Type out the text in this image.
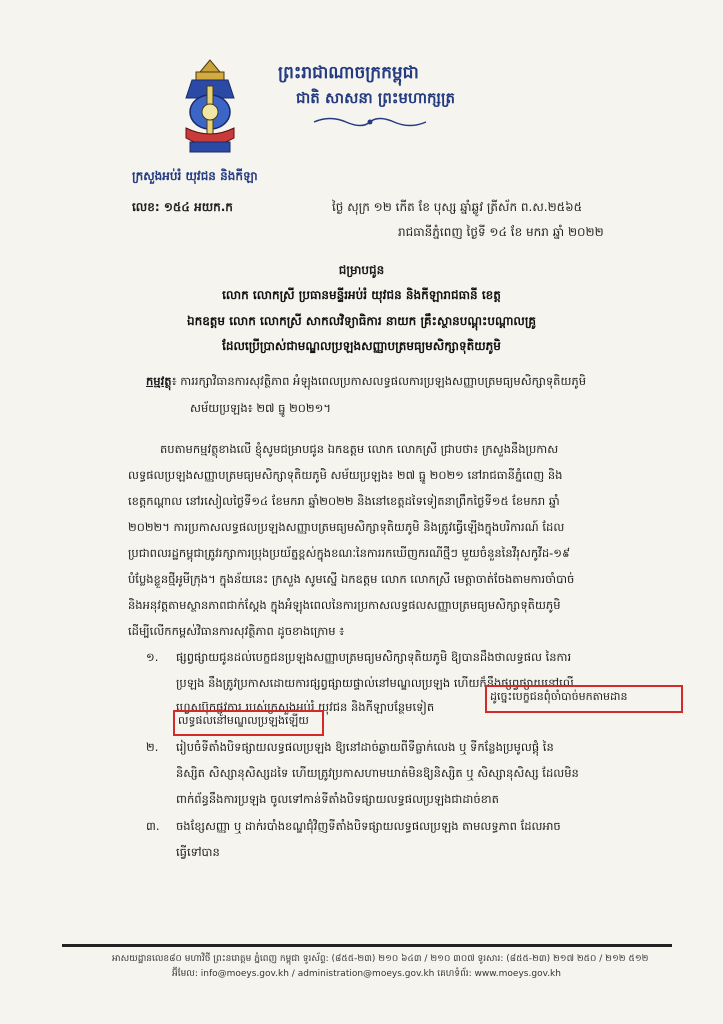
ព្រះរាជាណាចក្រកម្ពុជា
ជាតិ សាសនា ព្រះមហាក្សត្រ
ក្រសួងអប់រំ យុវជន និងកីឡា
លេខ: ១៥៤ អយក.ក	ថ្ងៃ សុក្រ ១២ កើត ខែ បុស្ស ឆ្នាំឆ្លូវ ត្រីស័ក ព.ស.២៥៦៥
រាជធានីភ្នំពេញ ថ្ងៃទី ១៤ ខែ មករា ឆ្នាំ ២០២២
ជម្រាបជូន
លោក លោកស្រី ប្រធានមន្ទីរអប់រំ យុវជន និងកីឡារាជធានី ខេត្ត
ឯកឧត្តម លោក លោកស្រី សាកលវិទ្យាធិការ នាយក គ្រឹះស្ថានបណ្តុះបណ្តាលគ្រូ
ដែលប្រើប្រាស់ជាមណ្ឌលប្រឡងសញ្ញាបត្រមធ្យមសិក្សាទុតិយភូមិ
កម្មវត្ថុ៖ ការរក្សាវិធានការសុវត្ថិភាព អំឡុងពេលប្រកាសលទ្ធផលការប្រឡងសញ្ញាបត្រមធ្យមសិក្សាទុតិយភូមិ
សម័យប្រឡង៖ ២៧ ធ្នូ ២០២១។
តបតាមកម្មវត្ថុខាងលើ ខ្ញុំសូមជម្រាបជូន ឯកឧត្តម លោក លោកស្រី ជ្រាបថា៖ ក្រសួងនឹងប្រកាស
លទ្ធផលប្រឡងសញ្ញាបត្រមធ្យមសិក្សាទុតិយភូមិ សម័យប្រឡង៖ ២៧ ធ្នូ ២០២១ នៅរាជធានីភ្នំពេញ និង
ខេត្តកណ្តាល នៅរសៀលថ្ងៃទី១៤ ខែមករា ឆ្នាំ២០២២ និងនៅខេត្តដទៃទៀតនាព្រឹកថ្ងៃទី១៥ ខែមករា ឆ្នាំ
២០២២។ ការប្រកាសលទ្ធផលប្រឡងសញ្ញាបត្រមធ្យមសិក្សាទុតិយភូមិ និងត្រូវធ្វើឡើងក្នុងបរិការណ៍ ដែល
ប្រជាពលរដ្ឋកម្ពុជាត្រូវរក្សាការប្រុងប្រយ័ត្នខ្ពស់ក្នុងខណៈនៃការរកឃើញករណីថ្មីៗ មួយចំនួននៃវីរុសកូវីដ-១៩
បំប្លែងខ្លួនថ្មីអូមីក្រុង។ ក្នុងន័យនេះ ក្រសួង សូមស្នើ ឯកឧត្តម លោក លោកស្រី មេត្តាចាត់ចែងតាមការចាំបាច់
និងអនុវត្តតាមស្ថានភាពជាក់ស្តែង ក្នុងអំឡុងពេលនៃការប្រកាសលទ្ធផលសញ្ញាបត្រមធ្យមសិក្សាទុតិយភូមិ
ដើម្បីលើកកម្ពស់វិធានការសុវត្ថិភាព ដូចខាងក្រោម ៖
១. ផ្សព្វផ្សាយជូនដល់បេក្ខជនប្រឡងសញ្ញាបត្រមធ្យមសិក្សាទុតិយភូមិ ឱ្យបានដឹងថាលទ្ធផល នៃការ
ប្រឡង នឹងត្រូវប្រកាសដោយការផ្សព្វផ្សាយផ្ទាល់នៅមណ្ឌលប្រឡង ហើយក៏នឹងផ្សព្វផ្សាយនៅលើ
ហ្វេសប៊ុកផ្លូវការ របស់ក្រសួងអប់រំ យុវជន និងកីឡាបន្ថែមទៀត
ដូច្នេះបេក្ខជនពុំចាំបាច់មកតាមដាន
លទ្ធផលនៅមណ្ឌលប្រឡងឡើយ
២. រៀបចំទីតាំងបិទផ្សាយលទ្ធផលប្រឡង ឱ្យនៅដាច់ឆ្ងាយពីទីធ្លាក់លេង ឬ ទីកន្លែងប្រមូលផ្តុំ នៃ
និស្សិត សិស្សានុសិស្សដទៃ ហើយត្រូវប្រកាសហាមឃាត់មិនឱ្យនិស្សិត ឬ សិស្សានុសិស្ស ដែលមិន
ពាក់ព័ន្ធនឹងការប្រឡង ចូលទៅកាន់ទីតាំងបិទផ្សាយលទ្ធផលប្រឡងជាដាច់ខាត
៣. ចងខ្សែសញ្ញា ឬ ដាក់របាំងខណ្ឌជុំវិញទីតាំងបិទផ្សាយលទ្ធផលប្រឡង តាមលទ្ធភាព ដែលអាច
ធ្វើទៅបាន
អាសយដ្ឋានលេខ៨០ មហាវិថី ព្រះនរោត្តម ភ្នំពេញ កម្ពុជា ទូរស័ព្ទ: (៨៥៥-២៣) ២១០ ៦៤៣ / ២១០ ៣០៧ ទូរសារ: (៨៥៥-២៣) ២១៧ ២៥០ / ២១២ ៥១២
អ៊ីមែល: info@moeys.gov.kh / administration@moeys.gov.kh គេហទំព័រ: www.moeys.gov.kh
